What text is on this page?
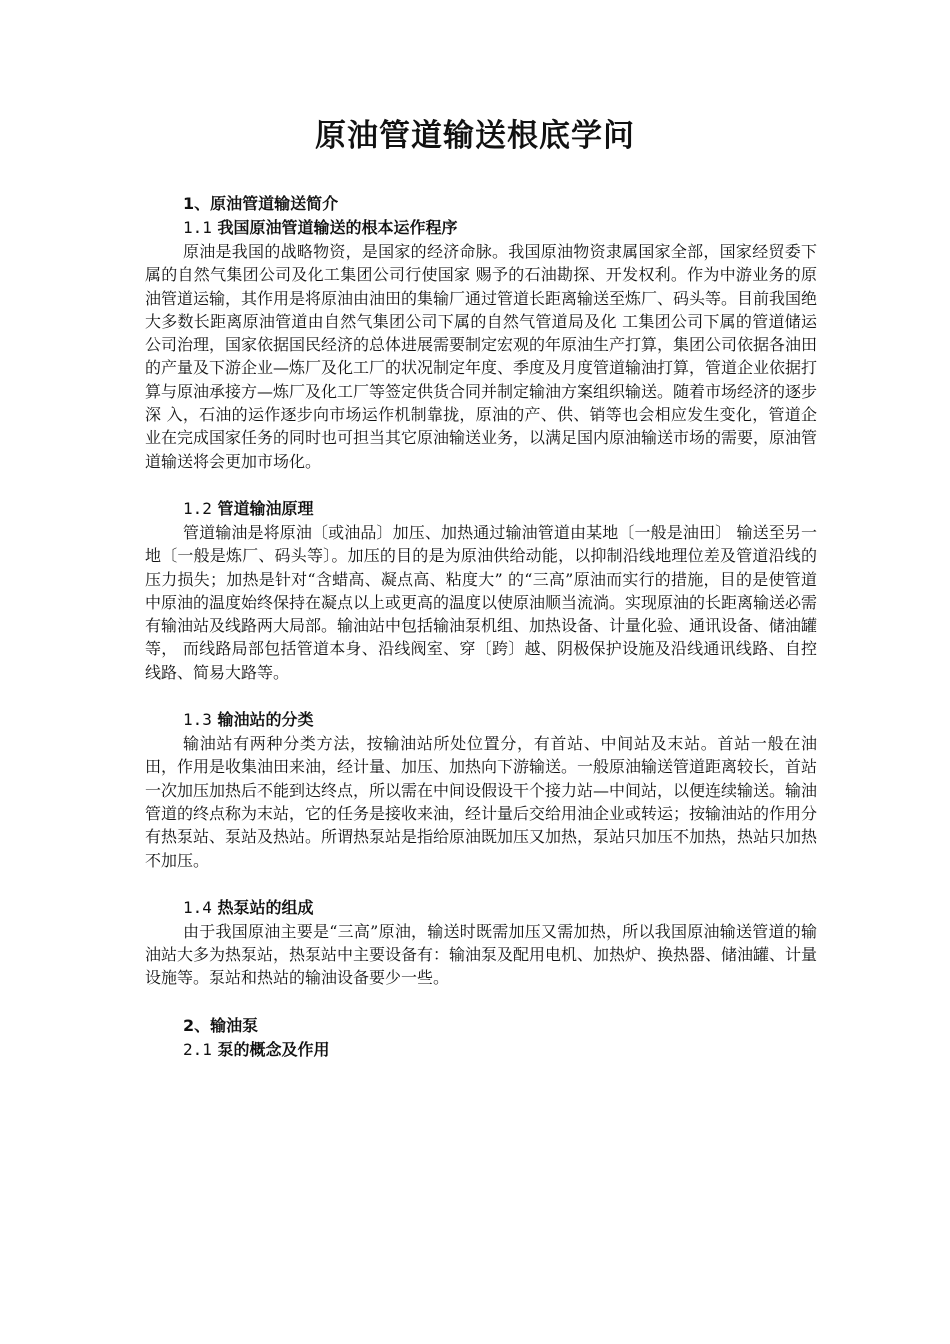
原油管道输送根底学问

1、原油管道输送简介

1.1 我国原油管道输送的根本运作程序

原油是我国的战略物资，是国家的经济命脉。我国原油物资隶属国家全部，国家经贸委下属的自然气集团公司及化工集团公司行使国家 赐予的石油勘探、开发权利。作为中游业务的原油管道运输，其作用是将原油由油田的集输厂通过管道长距离输送至炼厂、码头等。目前我国绝大多数长距离原油管道由自然气集团公司下属的自然气管道局及化 工集团公司下属的管道储运公司治理，国家依据国民经济的总体进展需要制定宏观的年原油生产打算，集团公司依据各油田的产量及下游企业—炼厂及化工厂的状况制定年度、季度及月度管道输油打算，管道企业依据打算与原油承接方—炼厂及化工厂等签定供货合同并制定输油方案组织输送。随着市场经济的逐步深 入，石油的运作逐步向市场运作机制靠拢，原油的产、供、销等也会相应发生变化，管道企业在完成国家任务的同时也可担当其它原油输送业务，以满足国内原油输送市场的需要，原油管道输送将会更加市场化。

1.2 管道输油原理

管道输油是将原油〔或油品〕加压、加热通过输油管道由某地〔一般是油田〕 输送至另一地〔一般是炼厂、码头等〕。加压的目的是为原油供给动能，以抑制沿线地理位差及管道沿线的压力损失；加热是针对“含蜡高、凝点高、粘度大” 的“三高”原油而实行的措施，目的是使管道中原油的温度始终保持在凝点以上或更高的温度以使原油顺当流淌。实现原油的长距离输送必需有输油站及线路两大局部。输油站中包括输油泵机组、加热设备、计量化验、通讯设备、储油罐等， 而线路局部包括管道本身、沿线阀室、穿〔跨〕越、阴极保护设施及沿线通讯线路、自控线路、简易大路等。

1.3 输油站的分类

输油站有两种分类方法，按输油站所处位置分，有首站、中间站及末站。首站一般在油田，作用是收集油田来油，经计量、加压、加热向下游输送。一般原油输送管道距离较长，首站一次加压加热后不能到达终点，所以需在中间设假设干个接力站—中间站，以便连续输送。输油管道的终点称为末站，它的任务是接收来油，经计量后交给用油企业或转运；按输油站的作用分有热泵站、泵站及热站。所谓热泵站是指给原油既加压又加热，泵站只加压不加热，热站只加热不加压。

1.4 热泵站的组成

由于我国原油主要是“三高”原油，输送时既需加压又需加热，所以我国原油输送管道的输油站大多为热泵站，热泵站中主要设备有：输油泵及配用电机、加热炉、换热器、储油罐、计量设施等。泵站和热站的输油设备要少一些。

2、输油泵

2.1 泵的概念及作用
